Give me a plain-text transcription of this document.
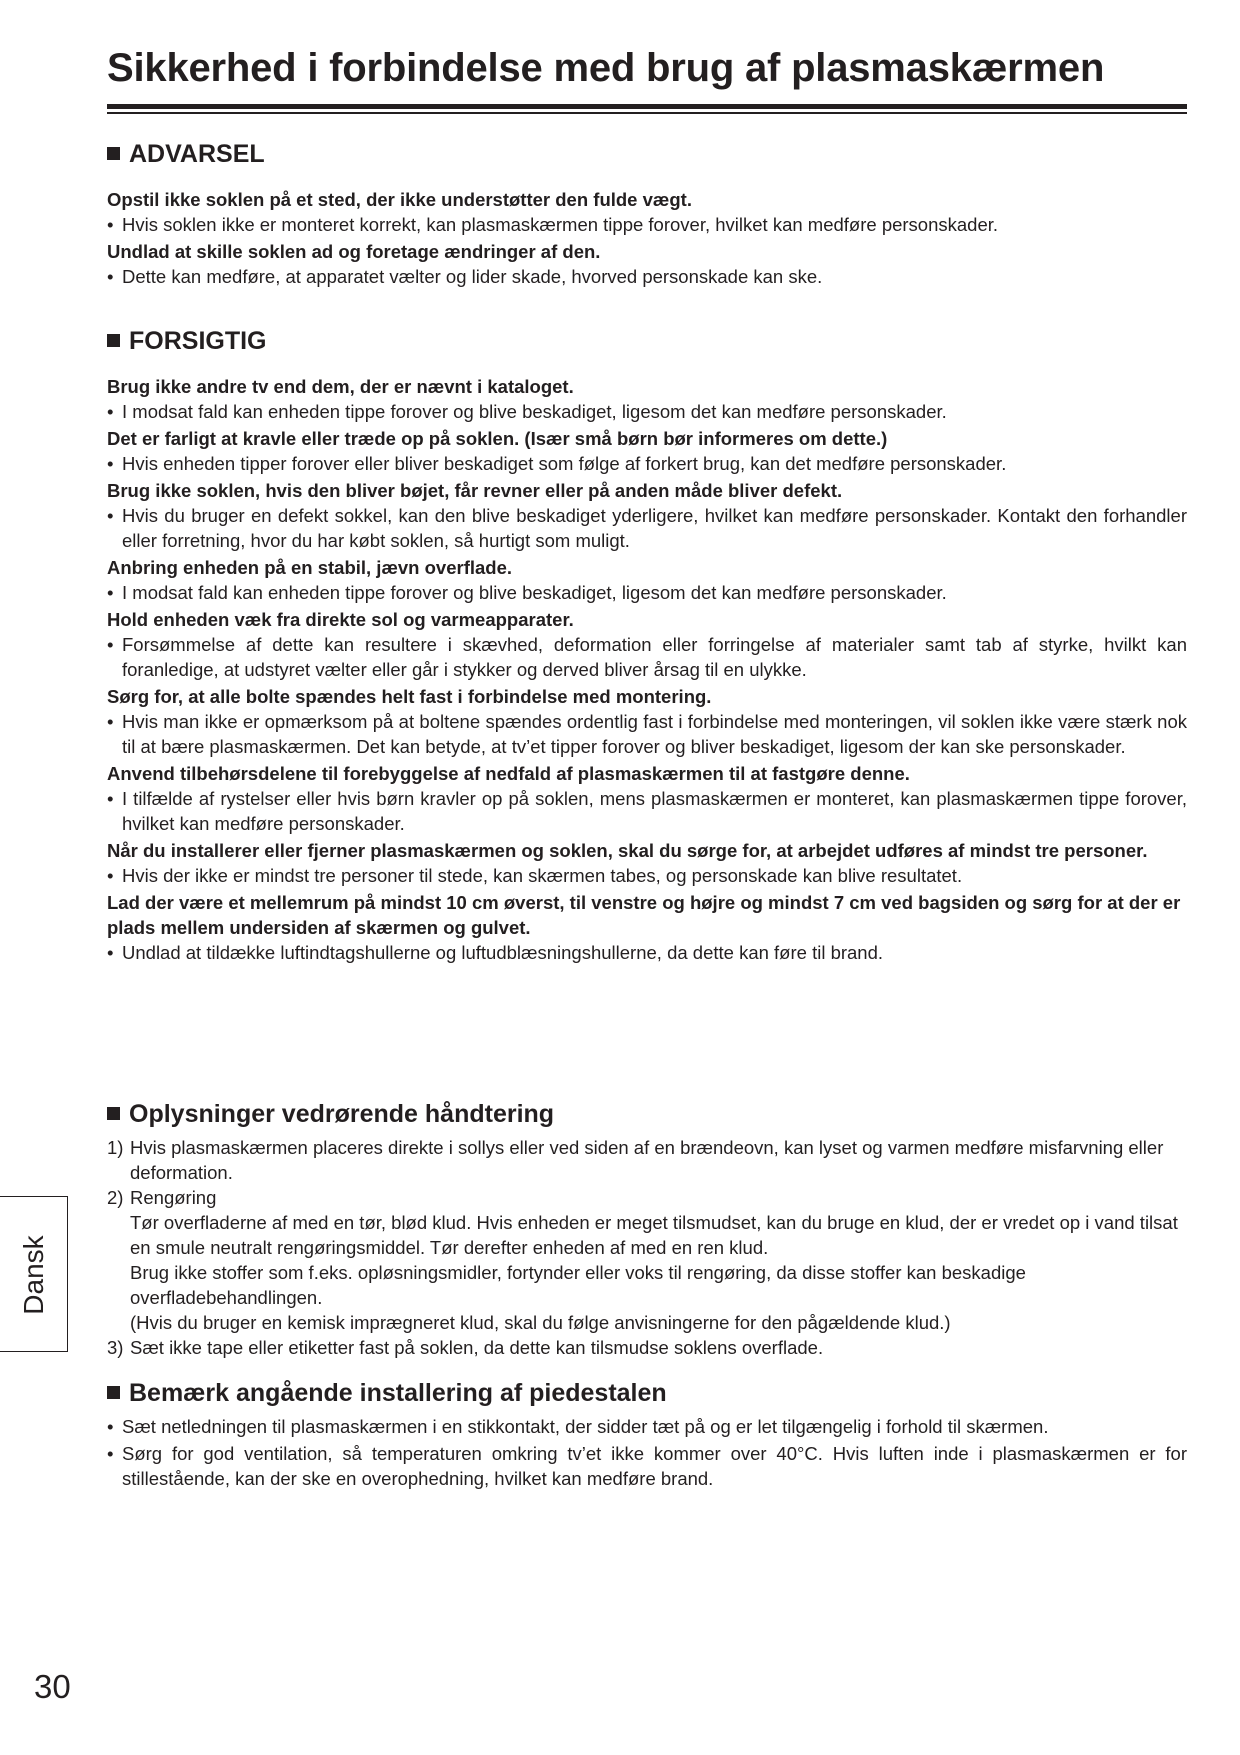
Sikkerhed i forbindelse med brug af plasmaskærmen
ADVARSEL

Opstil ikke soklen på et sted, der ikke understøtter den fulde vægt.

• Hvis soklen ikke er monteret korrekt, kan plasmaskærmen tippe forover, hvilket kan medføre personskader.

Undlad at skille soklen ad og foretage ændringer af den.

• Dette kan medføre, at apparatet vælter og lider skade, hvorved personskade kan ske.

FORSIGTIG

Brug ikke andre tv end dem, der er nævnt i kataloget.

• I modsat fald kan enheden tippe forover og blive beskadiget, ligesom det kan medføre personskader.

Det er farligt at kravle eller træde op på soklen. (Især små børn bør informeres om dette.)

• Hvis enheden tipper forover eller bliver beskadiget som følge af forkert brug, kan det medføre personskader.

Brug ikke soklen, hvis den bliver bøjet, får revner eller på anden måde bliver defekt.

• Hvis du bruger en defekt sokkel, kan den blive beskadiget yderligere, hvilket kan medføre personskader. Kontakt den forhandler eller forretning, hvor du har købt soklen, så hurtigt som muligt.

Anbring enheden på en stabil, jævn overflade.

• I modsat fald kan enheden tippe forover og blive beskadiget, ligesom det kan medføre personskader.

Hold enheden væk fra direkte sol og varmeapparater.

• Forsømmelse af dette kan resultere i skævhed, deformation eller forringelse af materialer samt tab af styrke, hvilkt kan foranledige, at udstyret vælter eller går i stykker og derved bliver årsag til en ulykke.

Sørg for, at alle bolte spændes helt fast i forbindelse med montering.

• Hvis man ikke er opmærksom på at boltene spændes ordentlig fast i forbindelse med monteringen, vil soklen ikke være stærk nok til at bære plasmaskærmen. Det kan betyde, at tv’et tipper forover og bliver beskadiget, ligesom der kan ske personskader.

Anvend tilbehørsdelene til forebyggelse af nedfald af plasmaskærmen til at fastgøre denne.

• I tilfælde af rystelser eller hvis børn kravler op på soklen, mens plasmaskærmen er monteret, kan plasmaskærmen tippe forover, hvilket kan medføre personskader.

Når du installerer eller fjerner plasmaskærmen og soklen, skal du sørge for, at arbejdet udføres af mindst tre personer.

• Hvis der ikke er mindst tre personer til stede, kan skærmen tabes, og personskade kan blive resultatet.

Lad der være et mellemrum på mindst 10 cm øverst, til venstre og højre og mindst 7 cm ved bagsiden og sørg for at der er plads mellem undersiden af skærmen og gulvet.

• Undlad at tildække luftindtagshullerne og luftudblæsningshullerne, da dette kan føre til brand.

Oplysninger vedrørende håndtering

1) Hvis plasmaskærmen placeres direkte i sollys eller ved siden af en brændeovn, kan lyset og varmen medføre misfarvning eller deformation.

2) Rengøring

Tør overfladerne af med en tør, blød klud. Hvis enheden er meget tilsmudset, kan du bruge en klud, der er vredet op i vand tilsat en smule neutralt rengøringsmiddel. Tør derefter enheden af med en ren klud.

Brug ikke stoffer som f.eks. opløsningsmidler, fortynder eller voks til rengøring, da disse stoffer kan beskadige overfladebehandlingen.

(Hvis du bruger en kemisk imprægneret klud, skal du følge anvisningerne for den pågældende klud.)

3) Sæt ikke tape eller etiketter fast på soklen, da dette kan tilsmudse soklens overflade.

Bemærk angående installering af piedestalen

• Sæt netledningen til plasmaskærmen i en stikkontakt, der sidder tæt på og er let tilgængelig i forhold til skærmen.

• Sørg for god ventilation, så temperaturen omkring tv’et ikke kommer over 40°C. Hvis luften inde i plasmaskærmen er for stillestående, kan der ske en overophedning, hvilket kan medføre brand.

Dansk

30
